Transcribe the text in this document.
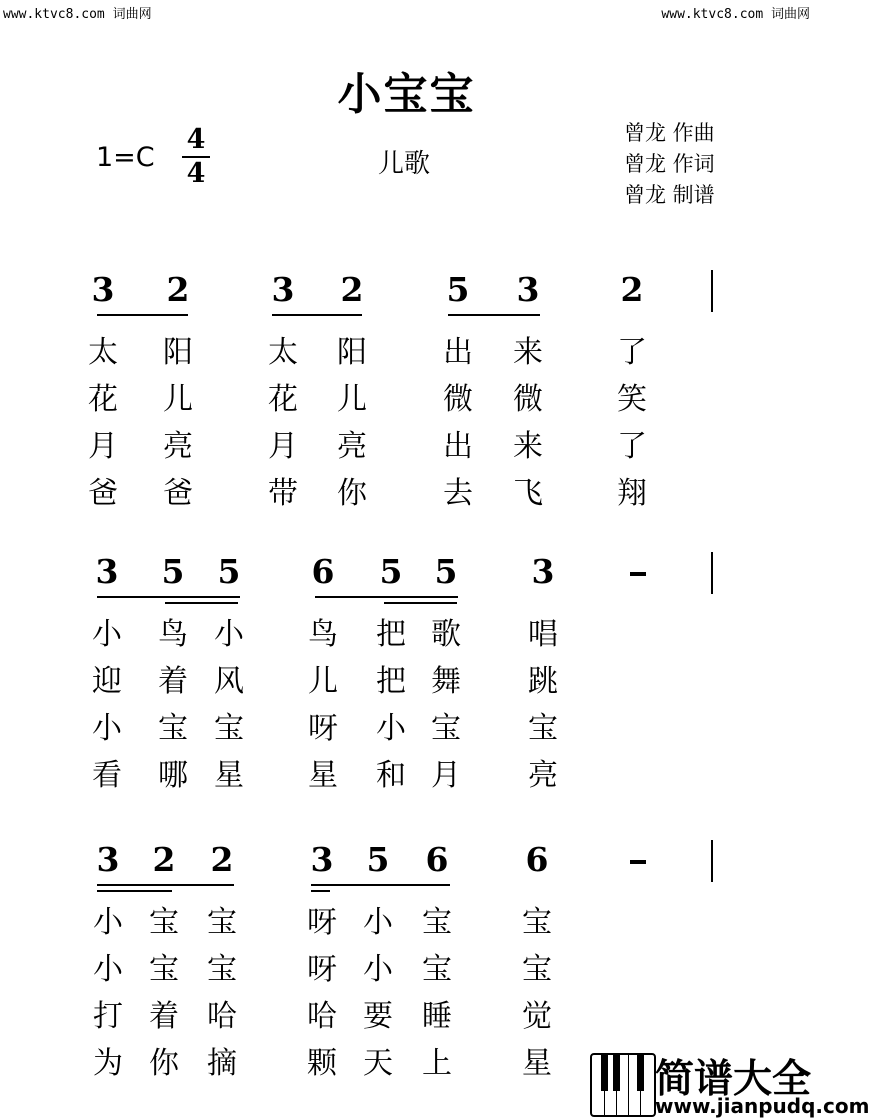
www.ktvc8.com 词曲网	www.ktvc8.com 词曲网
小宝宝
1=C
4
4	儿歌
曾龙 作曲
曾龙 作词
曾龙 制谱
3 2 3 2	5 3 2
太 阳	太 阳	出 来 了
花 儿	花 儿	微 微 笑
月 亮	月 亮	出 来 了
爸 爸	带 你	去 飞 翔
3 5 5 6 5 5 3
小 鸟 小 鸟 把 歌 唱
迎 着 风 儿 把 舞 跳
小 宝 宝 呀 小 宝 宝
看 哪 星 星 和 月 亮
3 2 2 3 5 6 6
小 宝 宝 呀 小 宝 宝
小 宝 宝 呀 小 宝 宝
打 着 哈 哈 要 睡 觉
为 你 摘 颗 天 上 星	简谱大全
www.jianpudq.com
